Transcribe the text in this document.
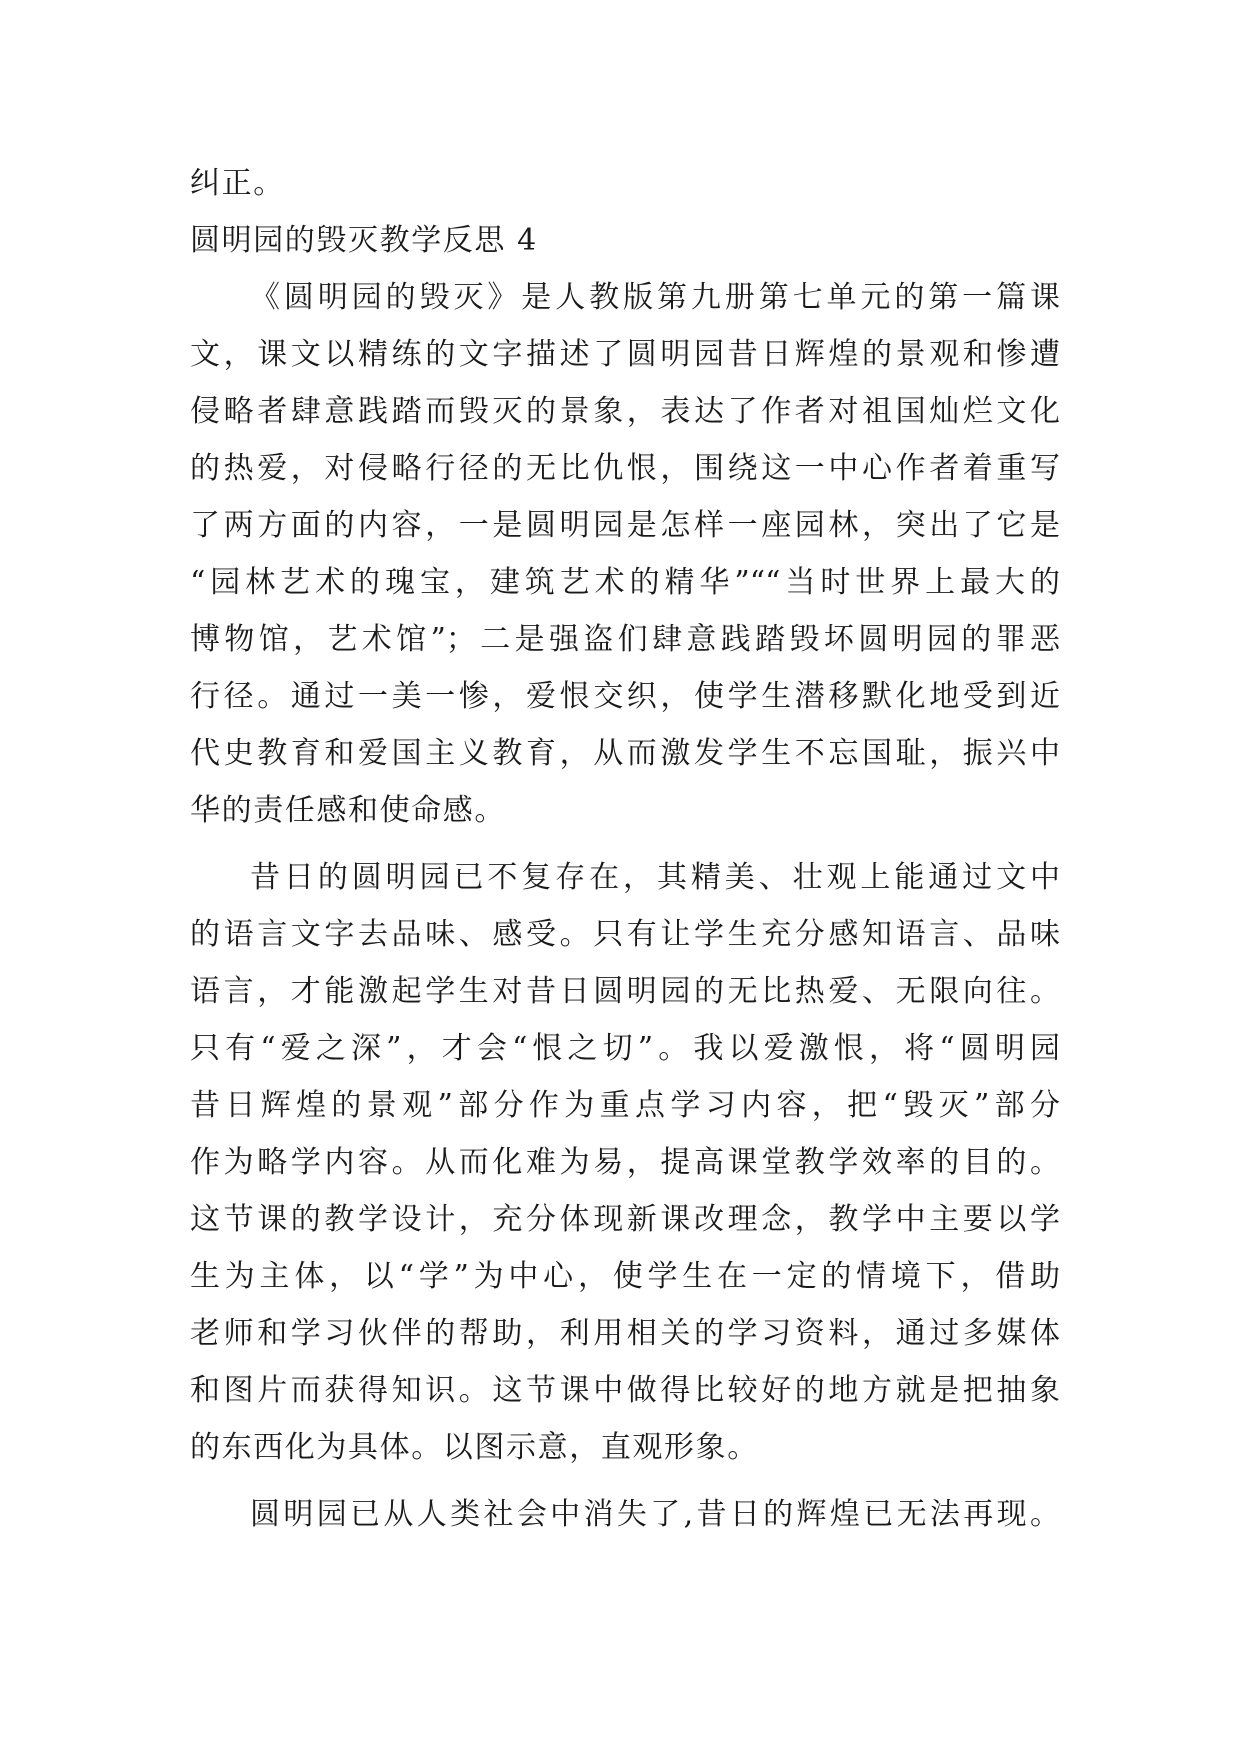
纠正。
圆明园的毁灭教学反思 4
《圆明园的毁灭》是人教版第九册第七单元的第一篇课
文，课文以精练的文字描述了圆明园昔日辉煌的景观和惨遭
侵略者肆意践踏而毁灭的景象，表达了作者对祖国灿烂文化
的热爱，对侵略行径的无比仇恨，围绕这一中心作者着重写
了两方面的内容，一是圆明园是怎样一座园林，突出了它是
“园林艺术的瑰宝，建筑艺术的精华”““当时世界上最大的
博物馆，艺术馆”；二是强盗们肆意践踏毁坏圆明园的罪恶
行径。通过一美一惨，爱恨交织，使学生潜移默化地受到近
代史教育和爱国主义教育，从而激发学生不忘国耻，振兴中
华的责任感和使命感。
昔日的圆明园已不复存在，其精美、壮观上能通过文中
的语言文字去品味、感受。只有让学生充分感知语言、品味
语言，才能激起学生对昔日圆明园的无比热爱、无限向往。
只有“爱之深”，才会“恨之切”。我以爱激恨，将“圆明园
昔日辉煌的景观”部分作为重点学习内容，把“毁灭”部分
作为略学内容。从而化难为易，提高课堂教学效率的目的。
这节课的教学设计，充分体现新课改理念，教学中主要以学
生为主体，以“学”为中心，使学生在一定的情境下，借助
老师和学习伙伴的帮助，利用相关的学习资料，通过多媒体
和图片而获得知识。这节课中做得比较好的地方就是把抽象
的东西化为具体。以图示意，直观形象。
圆明园已从人类社会中消失了,昔日的辉煌已无法再现。
